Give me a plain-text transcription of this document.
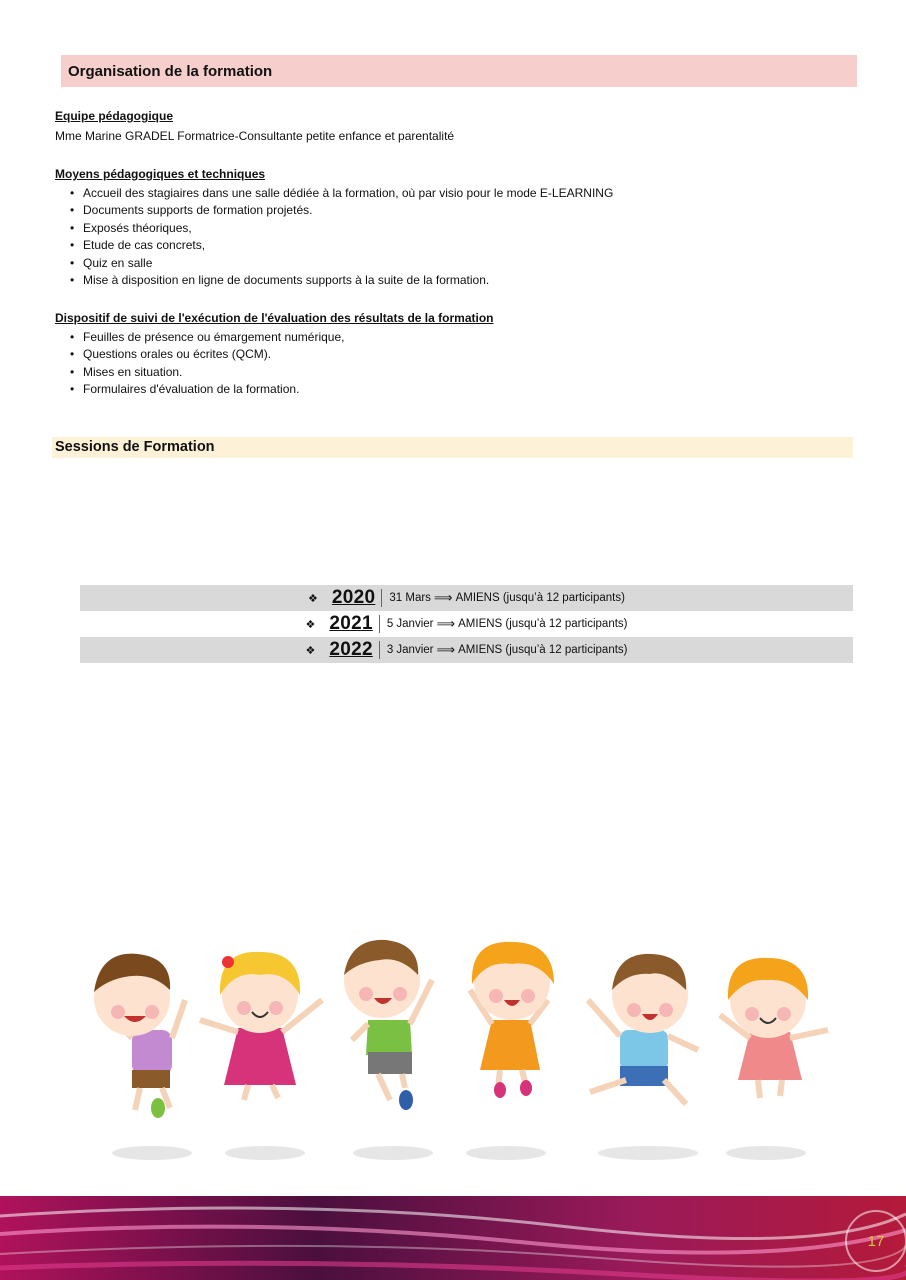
Organisation de la formation
Equipe pédagogique
Mme Marine GRADEL Formatrice-Consultante petite enfance et parentalité
Moyens pédagogiques et techniques
• Accueil des stagiaires dans une salle dédiée à la formation, où par visio pour le mode E-LEARNING
• Documents supports de formation projetés.
• Exposés théoriques,
• Etude de cas concrets,
• Quiz en salle
• Mise à disposition en ligne de documents supports à la suite de la formation.
Dispositif de suivi de l'exécution de l'évaluation des résultats de la formation
• Feuilles de présence ou émargement numérique,
• Questions orales ou écrites (QCM).
• Mises en situation.
• Formulaires d'évaluation de la formation.
Sessions de Formation
❖ 2020 31 Mars ⟹ AMIENS (jusqu’à 12 participants)
❖ 2021 5 Janvier ⟹ AMIENS (jusqu’à 12 participants)
❖ 2022 3 Janvier ⟹ AMIENS (jusqu’à 12 participants)
17
